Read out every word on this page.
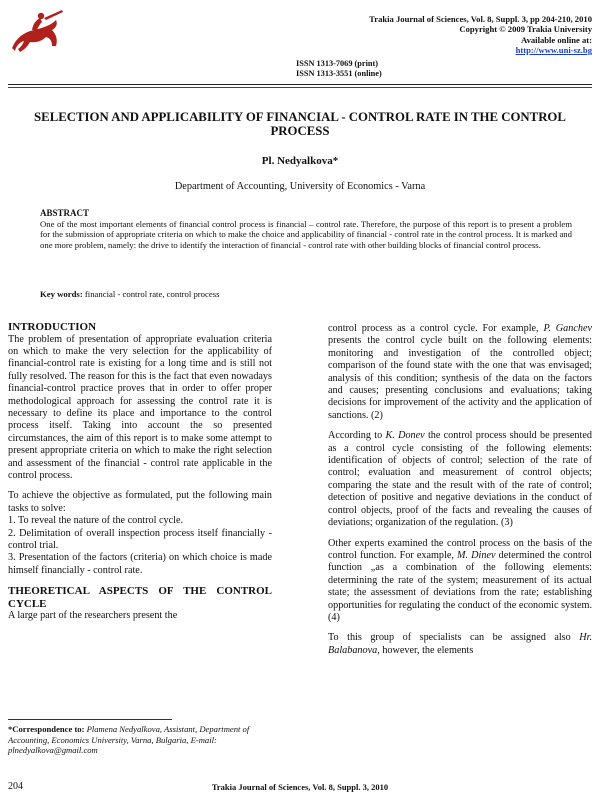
Trakia Journal of Sciences, Vol. 8, Suppl. 3, pp 204-210, 2010
Copyright © 2009 Trakia University
Available online at:
http://www.uni-sz.bg
ISSN 1313-7069 (print)
ISSN 1313-3551 (online)
SELECTION AND APPLICABILITY OF FINANCIAL - CONTROL RATE IN THE CONTROL PROCESS
Pl. Nedyalkova*
Department of Accounting, University of Economics - Varna
ABSTRACT
One of the most important elements of financial control process is financial – control rate. Therefore, the purpose of this report is to present a problem for the submission of appropriate criteria on which to make the choice and applicability of financial - control rate in the control process. It is marked and one more problem, namely: the drive to identify the interaction of financial - control rate with other building blocks of financial control process.
Key words: financial - control rate, control process
INTRODUCTION

The problem of presentation of appropriate evaluation criteria on which to make the very selection for the applicability of financial-control rate is existing for a long time and is still not fully resolved. The reason for this is the fact that even nowadays financial-control practice proves that in order to offer proper methodological approach for assessing the control rate it is necessary to define its place and importance to the control process itself. Taking into account the so presented circumstances, the aim of this report is to make some attempt to present appropriate criteria on which to make the right selection and assessment of the financial - control rate applicable in the control process.

To achieve the objective as formulated, put the following main tasks to solve:

1. To reveal the nature of the control cycle.
2. Delimitation of overall inspection process itself financially - control trial.
3. Presentation of the factors (criteria) on which choice is made himself financially - control rate.
THEORETICAL ASPECTS OF THE CONTROL CYCLE

A large part of the researchers present the

control process as a control cycle. For example, P. Ganchev presents the control cycle built on the following elements: monitoring and investigation of the controlled object; comparison of the found state with the one that was envisaged; analysis of this condition; synthesis of the data on the factors and causes; presenting conclusions and evaluations; taking decisions for improvement of the activity and the application of sanctions. (2)

According to K. Donev the control process should be presented as a control cycle consisting of the following elements: identification of objects of control; selection of the rate of control; evaluation and measurement of control objects; comparing the state and the result with of the rate of control; detection of positive and negative deviations in the conduct of control objects, proof of the facts and revealing the causes of deviations; organization of the regulation. (3)

Other experts examined the control process on the basis of the control function. For example, M. Dinev determined the control function „as a combination of the following elements: determining the rate of the system; measurement of its actual state; the assessment of deviations from the rate; establishing opportunities for regulating the conduct of the economic system. (4)

To this group of specialists can be assigned also Hr. Balabanova, however, the elements

*Correspondence to: Plamena Nedyalkova, Assistant, Department of Accounting, Economics University, Varna, Bulgaria, E-mail: plnedyalkova@gmail.com
204	Trakia Journal of Sciences, Vol. 8, Suppl. 3, 2010
